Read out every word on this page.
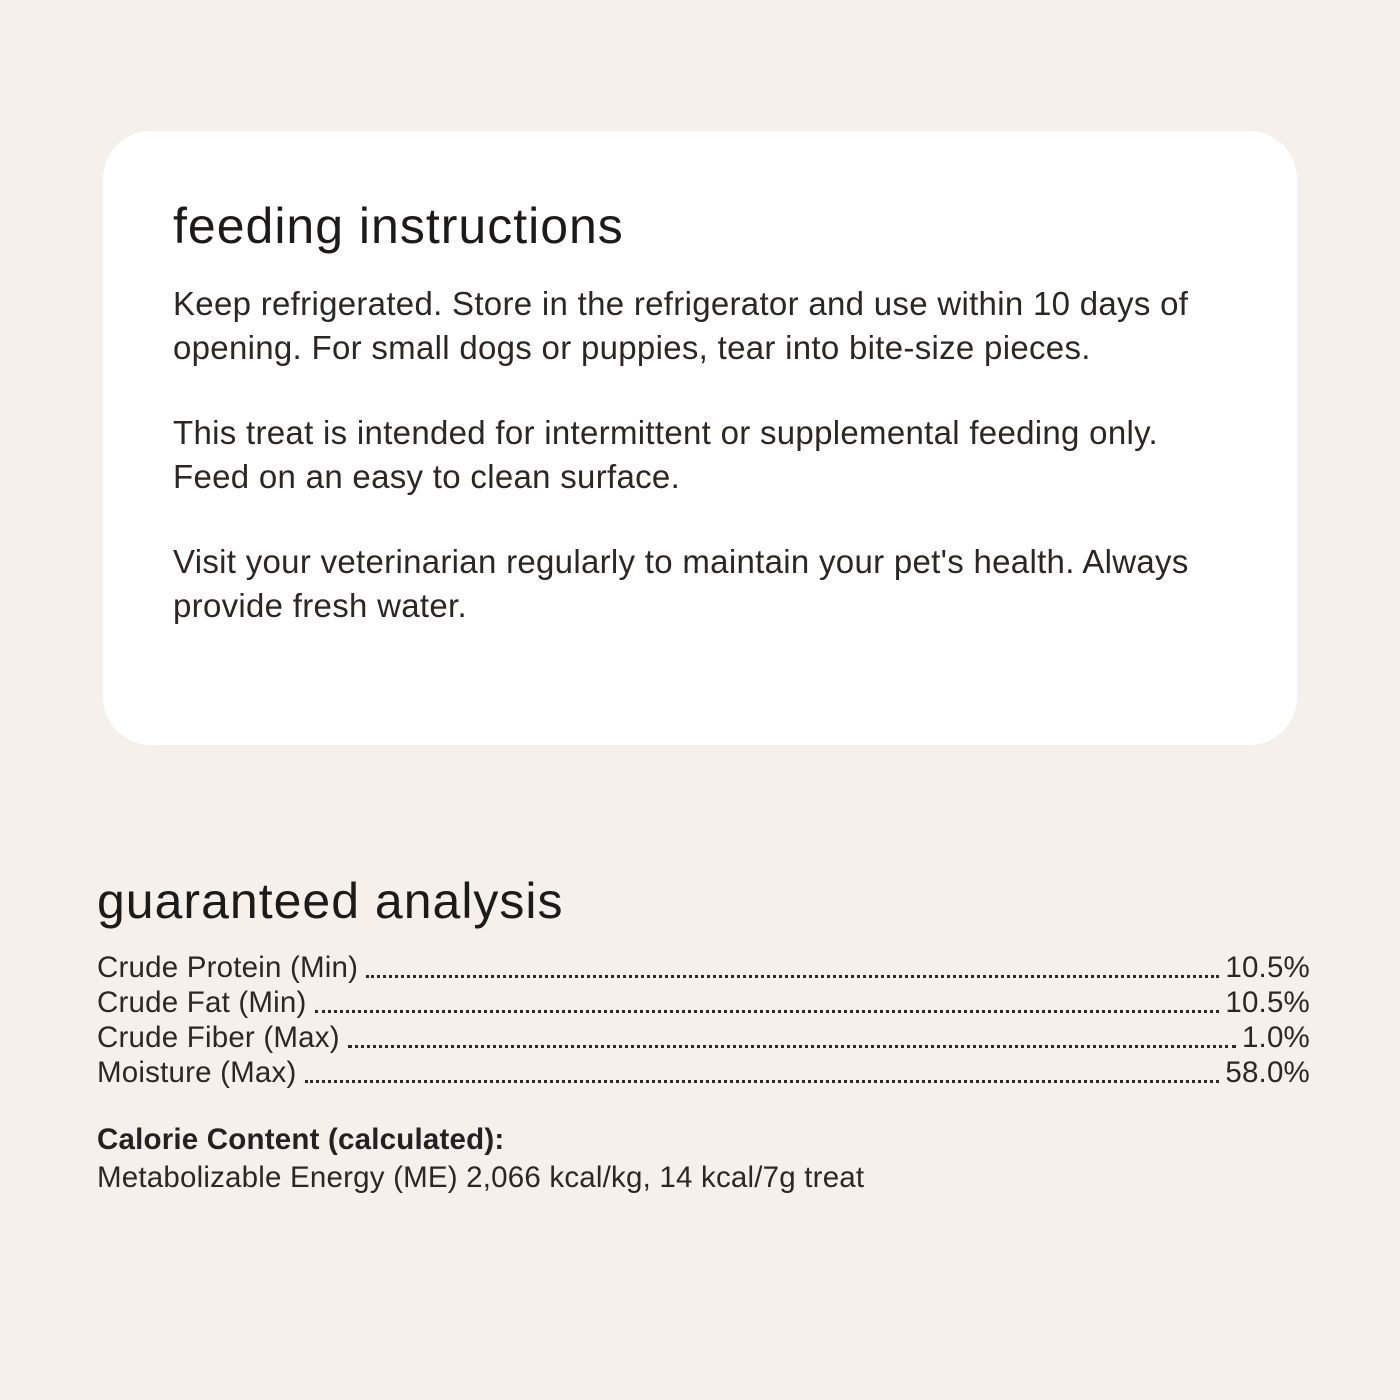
feeding instructions

Keep refrigerated. Store in the refrigerator and use within 10 days of opening. For small dogs or puppies, tear into bite-size pieces.

This treat is intended for intermittent or supplemental feeding only. Feed on an easy to clean surface.

Visit your veterinarian regularly to maintain your pet's health. Always provide fresh water.

guaranteed analysis
Crude Protein (Min)	10.5%
Crude Fat (Min)	10.5%
Crude Fiber (Max)	1.0%
Moisture (Max)	58.0%
Calorie Content (calculated):
Metabolizable Energy (ME) 2,066 kcal/kg, 14 kcal/7g treat
